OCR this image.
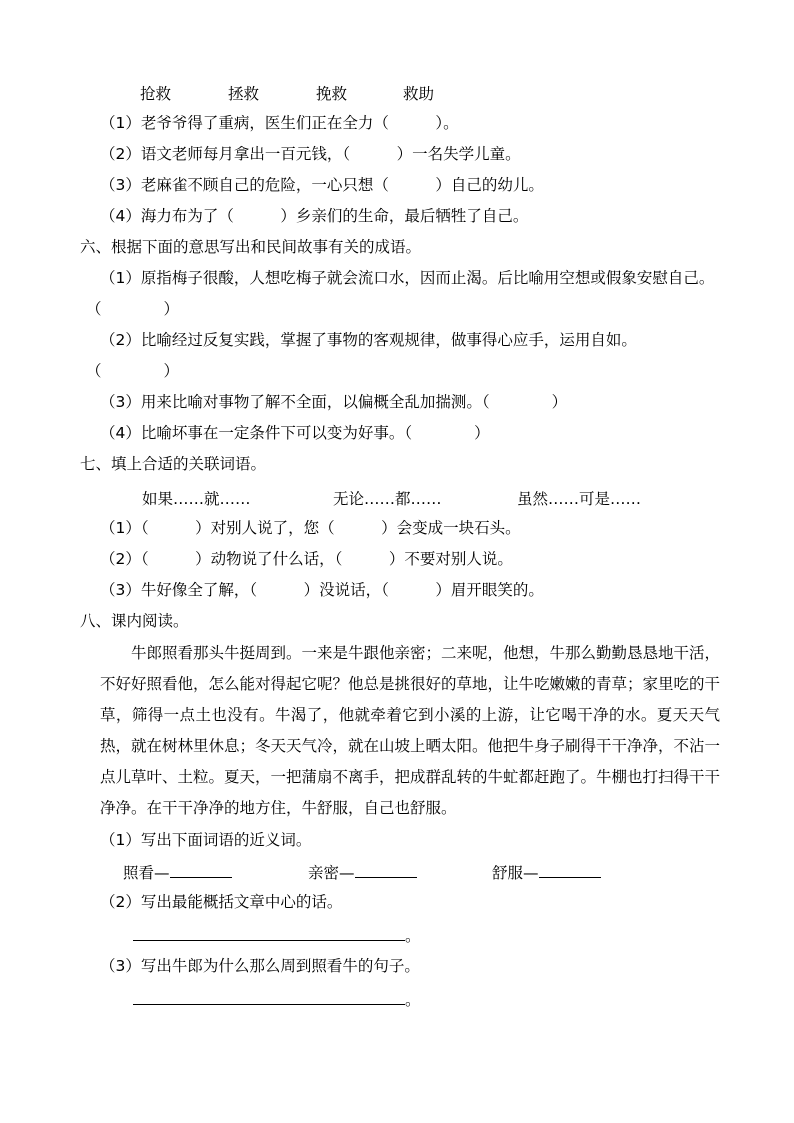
抢救	拯救	挽救	救助
（1）老爷爷得了重病，医生们正在全力（　　　）。
（2）语文老师每月拿出一百元钱，（　　　）一名失学儿童。
（3）老麻雀不顾自己的危险，一心只想（　　　）自己的幼儿。
（4）海力布为了（　　　）乡亲们的生命，最后牺牲了自己。
六、根据下面的意思写出和民间故事有关的成语。
（1）原指梅子很酸，人想吃梅子就会流口水，因而止渴。后比喻用空想或假象安慰自己。
（　　　　）
（2）比喻经过反复实践，掌握了事物的客观规律，做事得心应手，运用自如。
（　　　　）
（3）用来比喻对事物了解不全面，以偏概全乱加揣测。（　　　　）
（4）比喻坏事在一定条件下可以变为好事。（　　　　）
七、填上合适的关联词语。
如果……就……	无论……都……	虽然……可是……
（1）（　　　）对别人说了，您（　　　）会变成一块石头。
（2）（　　　）动物说了什么话，（　　　）不要对别人说。
（3）牛好像全了解，（　　　）没说话，（　　　）眉开眼笑的。
八、课内阅读。

　　牛郎照看那头牛挺周到。一来是牛跟他亲密；二来呢，他想，牛那么勤勤恳恳地干活，不好好照看他，怎么能对得起它呢？他总是挑很好的草地，让牛吃嫩嫩的青草；家里吃的干草，筛得一点土也没有。牛渴了，他就牵着它到小溪的上游，让它喝干净的水。夏天天气热，就在树林里休息；冬天天气冷，就在山坡上晒太阳。他把牛身子刷得干干净净，不沾一点儿草叶、土粒。夏天，一把蒲扇不离手，把成群乱转的牛虻都赶跑了。牛棚也打扫得干干净净。在干干净净的地方住，牛舒服，自己也舒服。

（1）写出下面词语的近义词。
照看—	亲密—	舒服—
（2）写出最能概括文章中心的话。
。
（3）写出牛郎为什么那么周到照看牛的句子。
。
